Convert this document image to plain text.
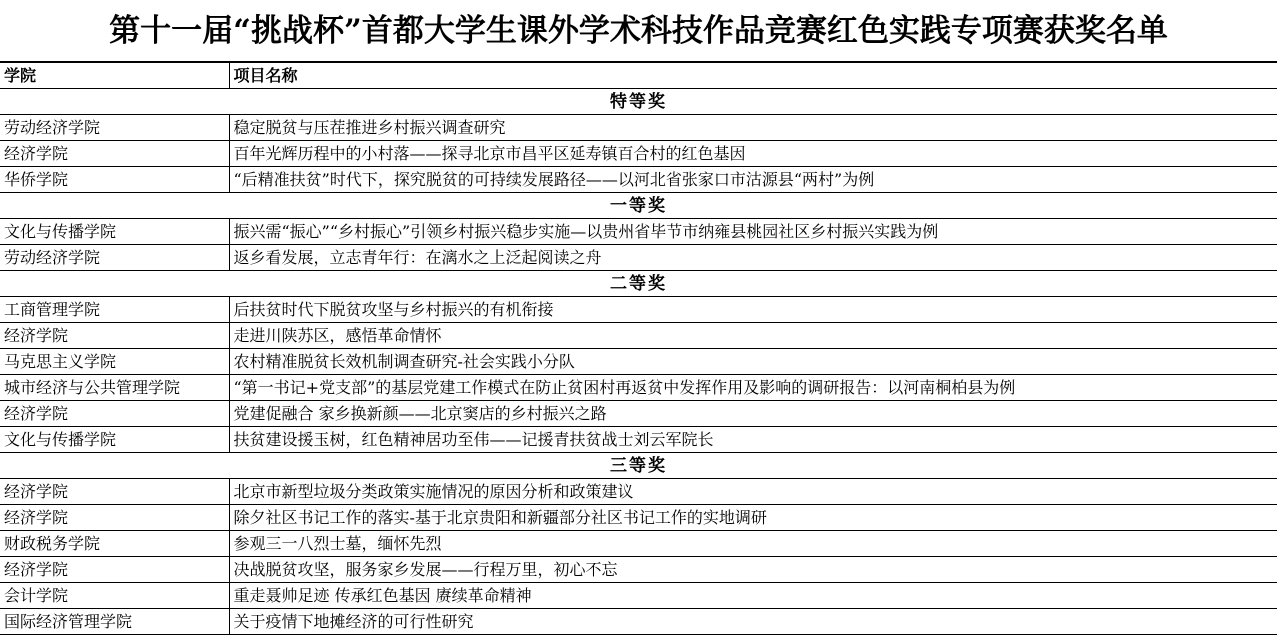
第十一届“挑战杯”首都大学生课外学术科技作品竞赛红色实践专项赛获奖名单
学院	项目名称
特等奖	
劳动经济学院	稳定脱贫与压茬推进乡村振兴调查研究
经济学院	百年光辉历程中的小村落——探寻北京市昌平区延寿镇百合村的红色基因
华侨学院	“后精准扶贫”时代下，探究脱贫的可持续发展路径——以河北省张家口市沽源县“两村”为例
一等奖	
文化与传播学院	振兴需“振心”“乡村振心”引领乡村振兴稳步实施—以贵州省毕节市纳雍县桃园社区乡村振兴实践为例
劳动经济学院	返乡看发展，立志青年行：在漓水之上泛起阅读之舟
二等奖	
工商管理学院	后扶贫时代下脱贫攻坚与乡村振兴的有机衔接
经济学院	走进川陕苏区，感悟革命情怀
马克思主义学院	农村精准脱贫长效机制调查研究-社会实践小分队
城市经济与公共管理学院	“第一书记+党支部”的基层党建工作模式在防止贫困村再返贫中发挥作用及影响的调研报告：以河南桐柏县为例
经济学院	党建促融合 家乡换新颜——北京窦店的乡村振兴之路
文化与传播学院	扶贫建设援玉树，红色精神居功至伟——记援青扶贫战士刘云军院长
三等奖	
经济学院	北京市新型垃圾分类政策实施情况的原因分析和政策建议
经济学院	除夕社区书记工作的落实-基于北京贵阳和新疆部分社区书记工作的实地调研
财政税务学院	参观三一八烈士墓，缅怀先烈
经济学院	决战脱贫攻坚，服务家乡发展——行程万里，初心不忘
会计学院	重走聂帅足迹 传承红色基因 赓续革命精神
国际经济管理学院	关于疫情下地摊经济的可行性研究
